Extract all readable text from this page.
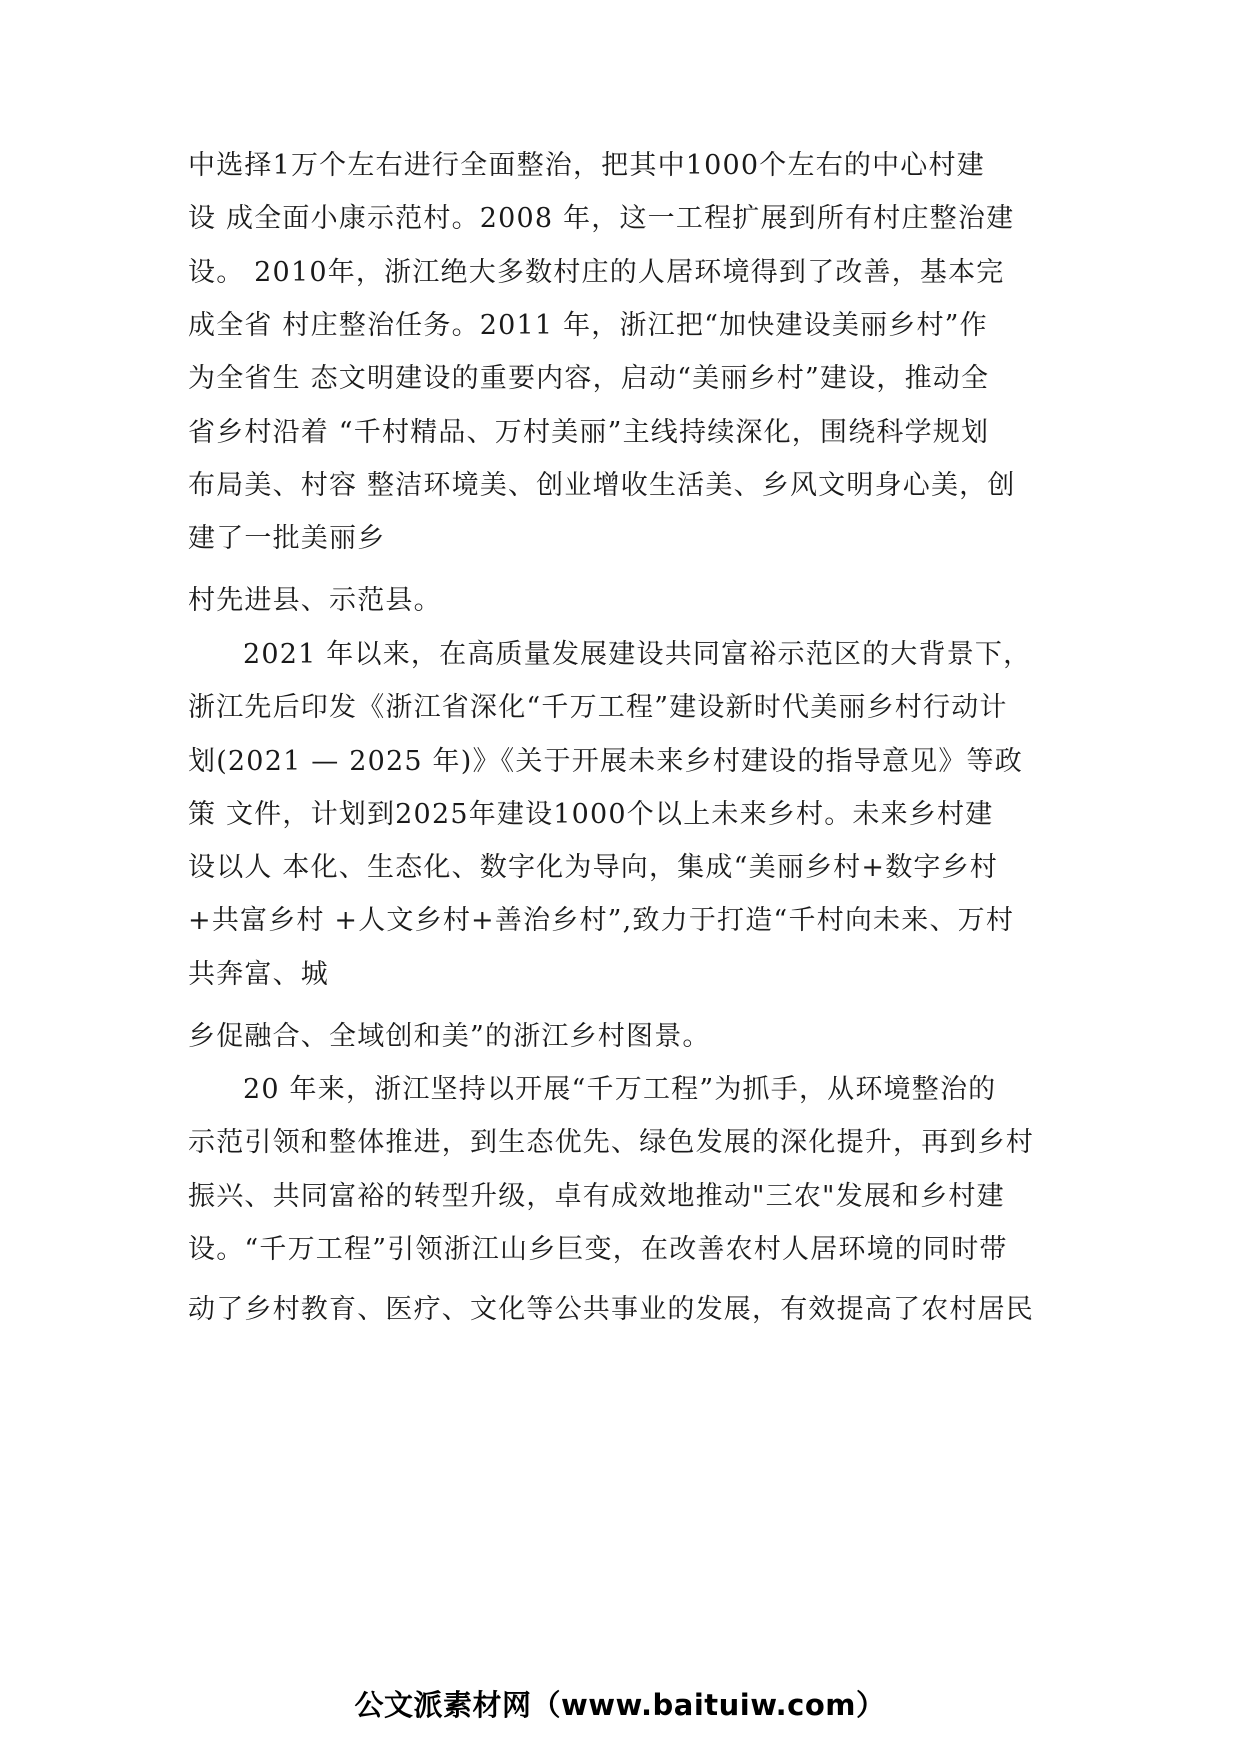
中选择1万个左右进行全面整治，把其中1000个左右的中心村建
设 成全面小康示范村。2008 年，这一工程扩展到所有村庄整治建
设。 2010年，浙江绝大多数村庄的人居环境得到了改善，基本完
成全省 村庄整治任务。2011 年，浙江把“加快建设美丽乡村”作
为全省生 态文明建设的重要内容，启动“美丽乡村”建设，推动全
省乡村沿着 “千村精品、万村美丽”主线持续深化，围绕科学规划
布局美、村容 整洁环境美、创业增收生活美、乡风文明身心美，创
建了一批美丽乡
村先进县、示范县。
2021 年以来，在高质量发展建设共同富裕示范区的大背景下，
浙江先后印发《浙江省深化“千万工程”建设新时代美丽乡村行动计
划(2021 — 2025 年)》《关于开展未来乡村建设的指导意见》等政
策 文件，计划到2025年建设1000个以上未来乡村。未来乡村建
设以人 本化、生态化、数字化为导向，集成“美丽乡村+数字乡村
+共富乡村 +人文乡村+善治乡村”,致力于打造“千村向未来、万村
共奔富、城
乡促融合、全域创和美”的浙江乡村图景。
20 年来，浙江坚持以开展“千万工程”为抓手，从环境整治的
示范引领和整体推进，到生态优先、绿色发展的深化提升，再到乡村
振兴、共同富裕的转型升级，卓有成效地推动"三农"发展和乡村建
设。“千万工程”引领浙江山乡巨变，在改善农村人居环境的同时带
动了乡村教育、医疗、文化等公共事业的发展，有效提高了农村居民
公文派素材网（www.baituiw.com）
